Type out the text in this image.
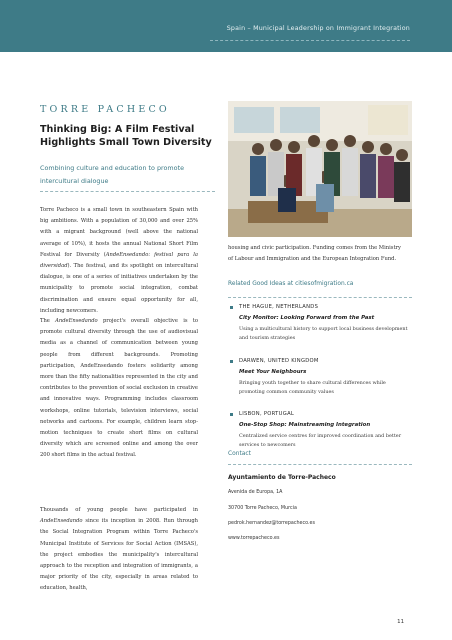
Spain – Municipal Leadership on Immigrant Integration
TORRE PACHECO
Thinking Big: A Film Festival Highlights Small Town Diversity
Combining culture and education to promote intercultural dialogue

Torre Pacheco is a small town in southeastern Spain with big ambitions. With a population of 30,000 and over 25% with a migrant background (well above the national average of 10%), it hosts the annual National Short Film Festival for Diversity (AndeEnsedando: festival para la diversidad). The festival, and its spotlight on intercultural dialogue, is one of a series of initiatives undertaken by the municipality to promote social integration, combat discrimination and ensure equal opportunity for all, including newcomers.

The AndeEnsedando project's overall objective is to promote cultural diversity through the use of audiovisual media as a channel of communication between young people from different backgrounds. Promoting participation, AndeEnsedando fosters solidarity among more than the fifty nationalities represented in the city and contributes to the prevention of social exclusion in creative and innovative ways. Programming includes classroom workshops, online tutorials, television interviews, social networks and cartoons. For example, children learn stop-motion techniques to create short films on cultural diversity which are screened online and among the over 200 short films in the actual festival.

Thousands of young people have participated in AndeEnsedando since its inception in 2008. Run through the Social Integration Program within Torre Pacheco's Municipal Institute of Services for Social Action (IMSAS), the project embodies the municipality's intercultural approach to the reception and integration of immigrants, a major priority of the city, especially in areas related to education, health,

housing and civic participation. Funding comes from the Ministry of Labour and Immigration and the European Integration Fund.
Related Good Ideas at citiesofmigration.ca
THE HAGUE, NETHERLANDS
City Monitor: Looking Forward from the Past
Using a multicultural history to support local business development and tourism strategies
DARWEN, UNITED KINGDOM
Meet Your Neighbours
Bringing youth together to share cultural differences while promoting common community values
LISBON, PORTUGAL
One-Stop Shop: Mainstreaming Integration
Centralized service centres for improved coordination and better services to newcomers
Contact
Ayuntamiento de Torre-Pacheco
Avenida de Europa, 1A
30700 Torre Pacheco, Murcia
pedrok.hernandez@torrepacheco.es
www.torrepacheco.es
11
